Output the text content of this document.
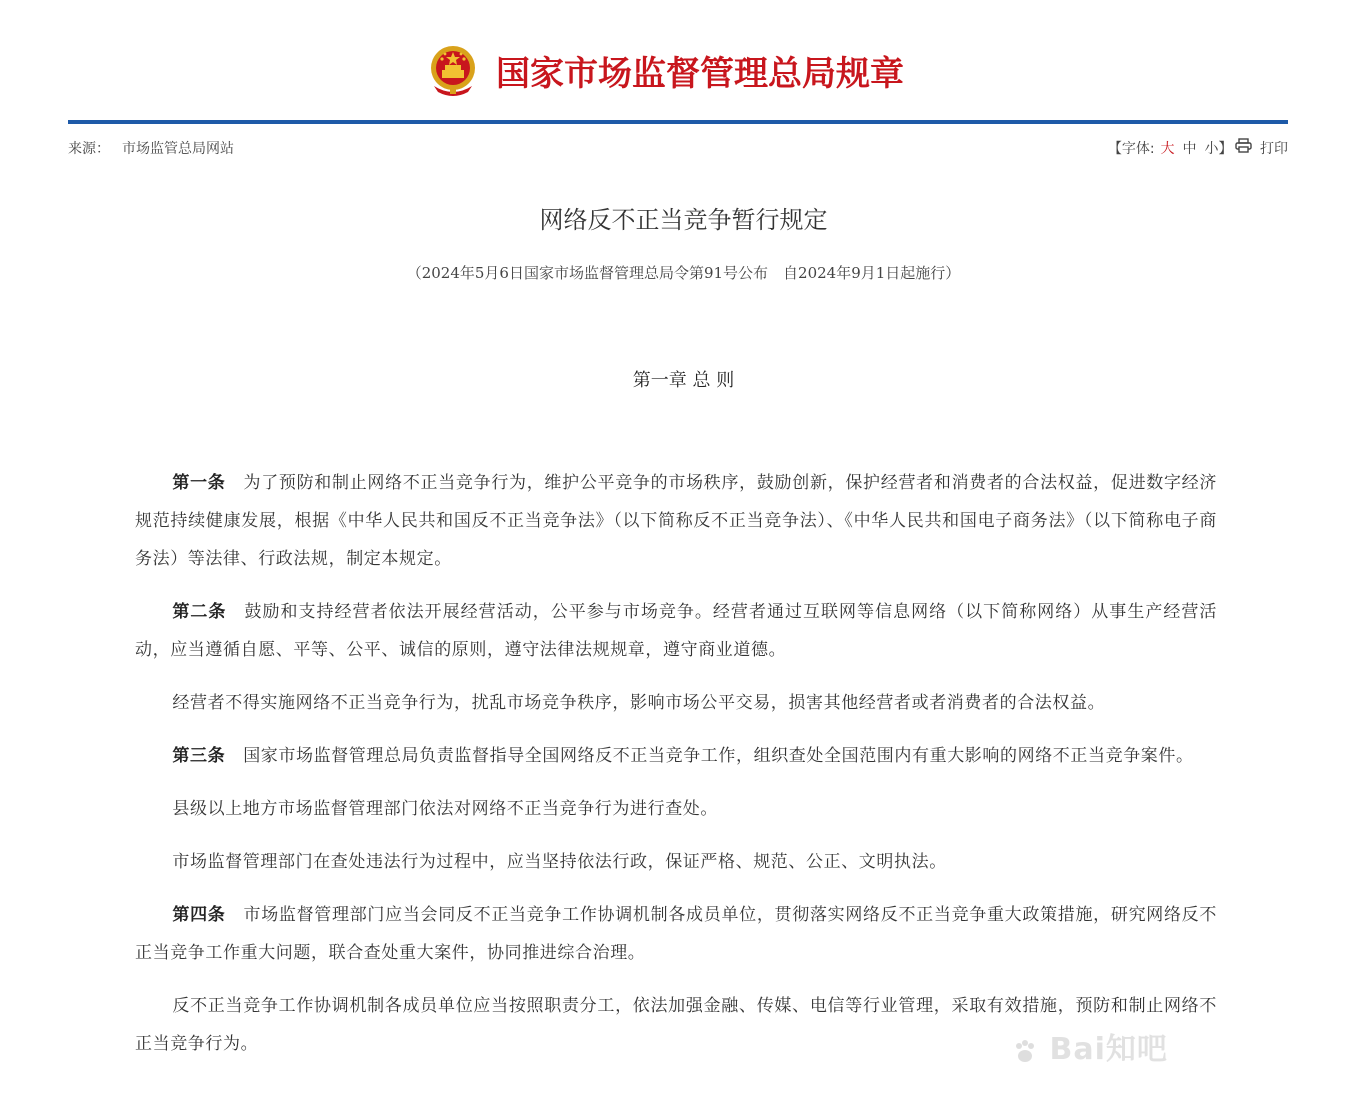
国家市场监督管理总局规章
来源： 市场监管总局网站	【字体: 大 中 小】	打印
网络反不正当竞争暂行规定
（2024年5月6日国家市场监督管理总局令第91号公布　自2024年9月1日起施行）
第一章 总 则

第一条 为了预防和制止网络不正当竞争行为，维护公平竞争的市场秩序，鼓励创新，保护经营者和消费者的合法权益，促进数字经济规范持续健康发展，根据《中华人民共和国反不正当竞争法》（以下简称反不正当竞争法）、《中华人民共和国电子商务法》（以下简称电子商务法）等法律、行政法规，制定本规定。

第二条 鼓励和支持经营者依法开展经营活动，公平参与市场竞争。经营者通过互联网等信息网络（以下简称网络）从事生产经营活动，应当遵循自愿、平等、公平、诚信的原则，遵守法律法规规章，遵守商业道德。

经营者不得实施网络不正当竞争行为，扰乱市场竞争秩序，影响市场公平交易，损害其他经营者或者消费者的合法权益。

第三条 国家市场监督管理总局负责监督指导全国网络反不正当竞争工作，组织查处全国范围内有重大影响的网络不正当竞争案件。

县级以上地方市场监督管理部门依法对网络不正当竞争行为进行查处。

市场监督管理部门在查处违法行为过程中，应当坚持依法行政，保证严格、规范、公正、文明执法。

第四条 市场监督管理部门应当会同反不正当竞争工作协调机制各成员单位，贯彻落实网络反不正当竞争重大政策措施，研究网络反不正当竞争工作重大问题，联合查处重大案件，协同推进综合治理。

反不正当竞争工作协调机制各成员单位应当按照职责分工，依法加强金融、传媒、电信等行业管理，采取有效措施，预防和制止网络不正当竞争行为。	Bai知吧
